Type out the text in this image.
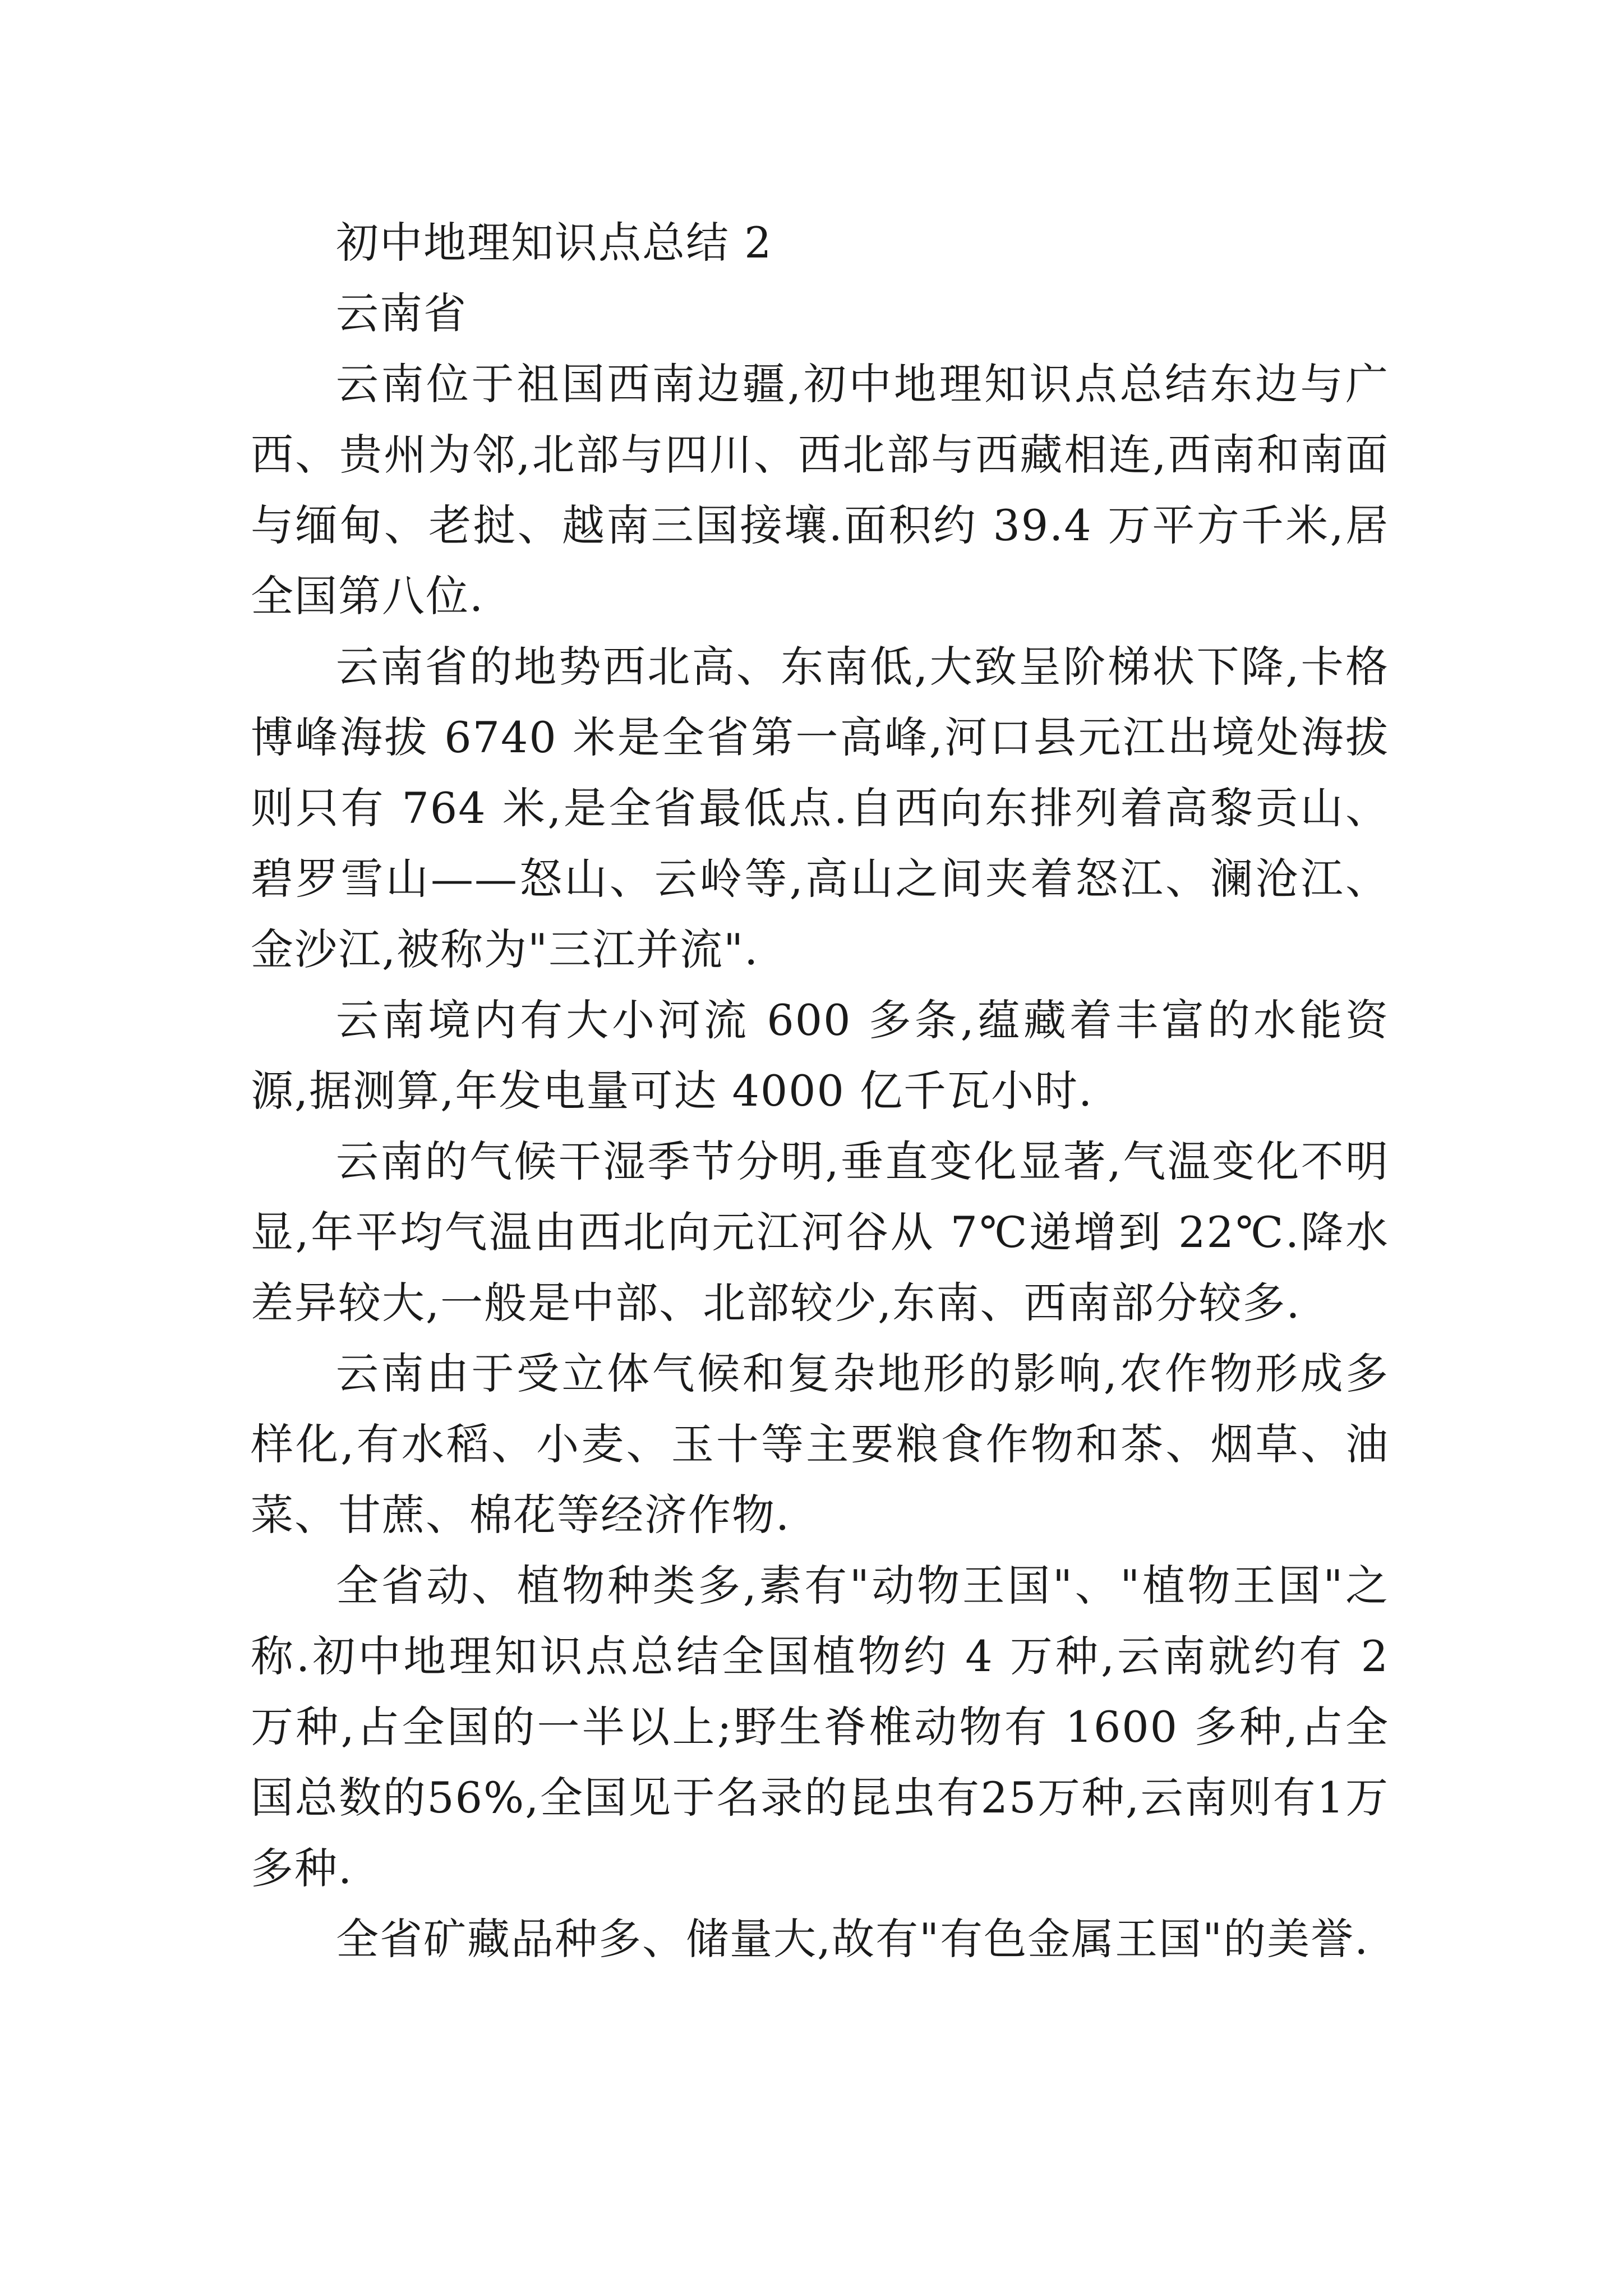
初中地理知识点总结 2

云南省

云南位于祖国西南边疆,初中地理知识点总结东边与广西、贵州为邻,北部与四川、西北部与西藏相连,西南和南面与缅甸、老挝、越南三国接壤.面积约 39.4 万平方千米,居全国第八位.

云南省的地势西北高、东南低,大致呈阶梯状下降,卡格博峰海拔 6740 米是全省第一高峰,河口县元江出境处海拔则只有 764 米,是全省最低点.自西向东排列着高黎贡山、碧罗雪山——怒山、云岭等,高山之间夹着怒江、澜沧江、金沙江,被称为"三江并流".

云南境内有大小河流 600 多条,蕴藏着丰富的水能资源,据测算,年发电量可达 4000 亿千瓦小时.

云南的气候干湿季节分明,垂直变化显著,气温变化不明显,年平均气温由西北向元江河谷从 7℃递增到 22℃.降水差异较大,一般是中部、北部较少,东南、西南部分较多.

云南由于受立体气候和复杂地形的影响,农作物形成多样化,有水稻、小麦、玉十等主要粮食作物和茶、烟草、油菜、甘蔗、棉花等经济作物.

全省动、植物种类多,素有"动物王国"、"植物王国"之称.初中地理知识点总结全国植物约 4 万种,云南就约有 2 万种,占全国的一半以上;野生脊椎动物有 1600 多种,占全国总数的56%,全国见于名录的昆虫有25万种,云南则有1万多种.

全省矿藏品种多、储量大,故有"有色金属王国"的美誉.
